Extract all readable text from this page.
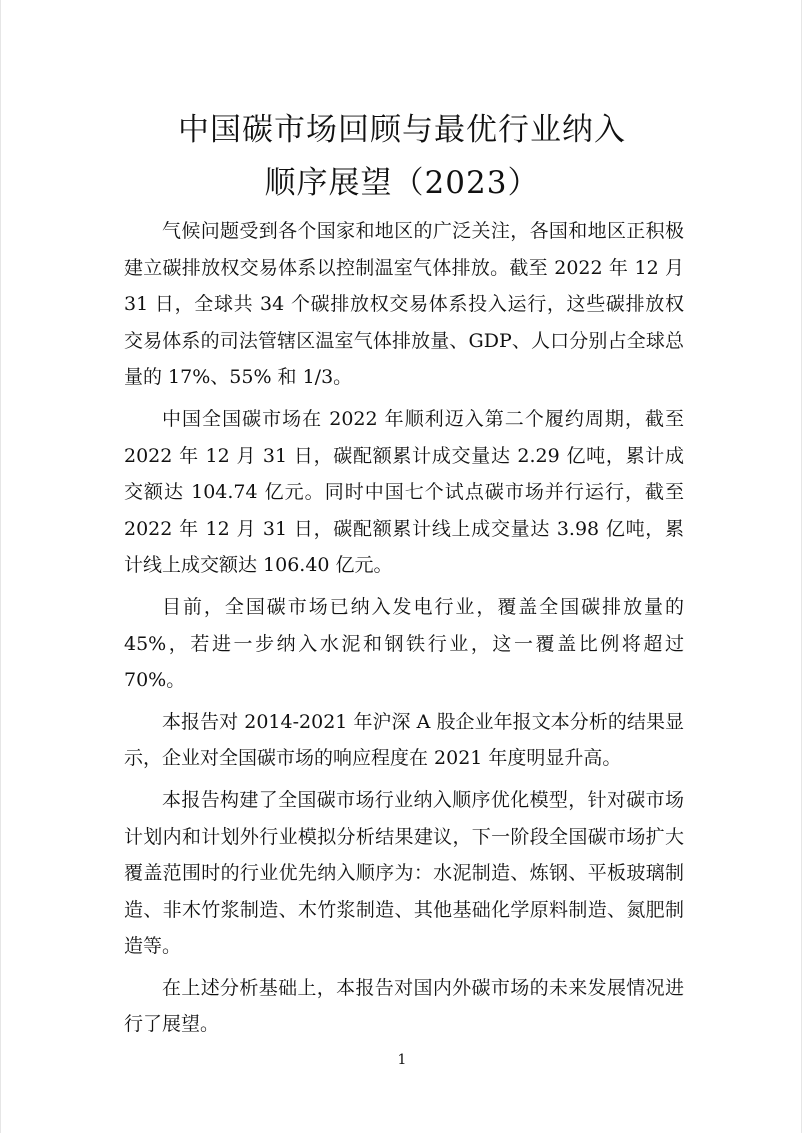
中国碳市场回顾与最优行业纳入
顺序展望（2023）

气候问题受到各个国家和地区的广泛关注，各国和地区正积极建立碳排放权交易体系以控制温室气体排放。截至 2022 年 12 月 31 日，全球共 34 个碳排放权交易体系投入运行，这些碳排放权交易体系的司法管辖区温室气体排放量、GDP、人口分别占全球总量的 17%、55% 和 1/3。

中国全国碳市场在 2022 年顺利迈入第二个履约周期，截至 2022 年 12 月 31 日，碳配额累计成交量达 2.29 亿吨，累计成交额达 104.74 亿元。同时中国七个试点碳市场并行运行，截至 2022 年 12 月 31 日，碳配额累计线上成交量达 3.98 亿吨，累计线上成交额达 106.40 亿元。

目前，全国碳市场已纳入发电行业，覆盖全国碳排放量的 45%，若进一步纳入水泥和钢铁行业，这一覆盖比例将超过 70%。

本报告对 2014-2021 年沪深 A 股企业年报文本分析的结果显示，企业对全国碳市场的响应程度在 2021 年度明显升高。

本报告构建了全国碳市场行业纳入顺序优化模型，针对碳市场计划内和计划外行业模拟分析结果建议，下一阶段全国碳市场扩大覆盖范围时的行业优先纳入顺序为：水泥制造、炼钢、平板玻璃制造、非木竹浆制造、木竹浆制造、其他基础化学原料制造、氮肥制造等。

在上述分析基础上，本报告对国内外碳市场的未来发展情况进行了展望。

1
